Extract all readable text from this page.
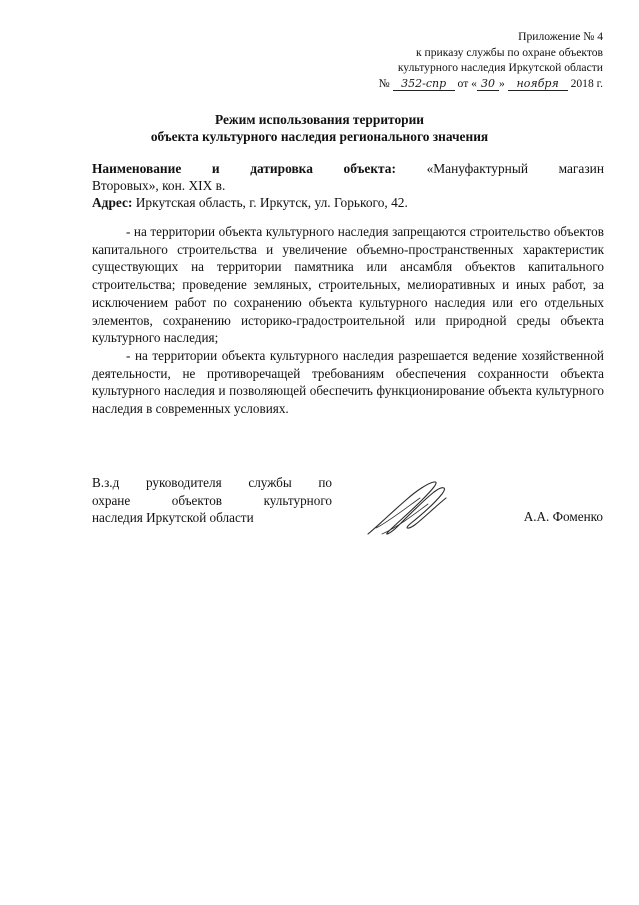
Приложение № 4
к приказу службы по охране объектов
культурного наследия Иркутской области
№ 352-спр от « 30 » ноября 2018 г.
Режим использования территории
объекта культурного наследия регионального значения

Наименование и датировка объекта: «Мануфактурный магазин

Второвых», кон. XIX в.

Адрес: Иркутская область, г. Иркутск, ул. Горького, 42.

- на территории объекта культурного наследия запрещаются строительство объектов капитального строительства и увеличение объемно-пространственных характеристик существующих на территории памятника или ансамбля объектов капитального строительства; проведение земляных, строительных, мелиоративных и иных работ, за исключением работ по сохранению объекта культурного наследия или его отдельных элементов, сохранению историко-градостроительной или природной среды объекта культурного наследия;

- на территории объекта культурного наследия разрешается ведение хозяйственной деятельности, не противоречащей требованиям обеспечения сохранности объекта культурного наследия и позволяющей обеспечить функционирование объекта культурного наследия в современных условиях.

В.з.д руководителя службы по
охране объектов культурного
наследия Иркутской области	А.А. Фоменко
